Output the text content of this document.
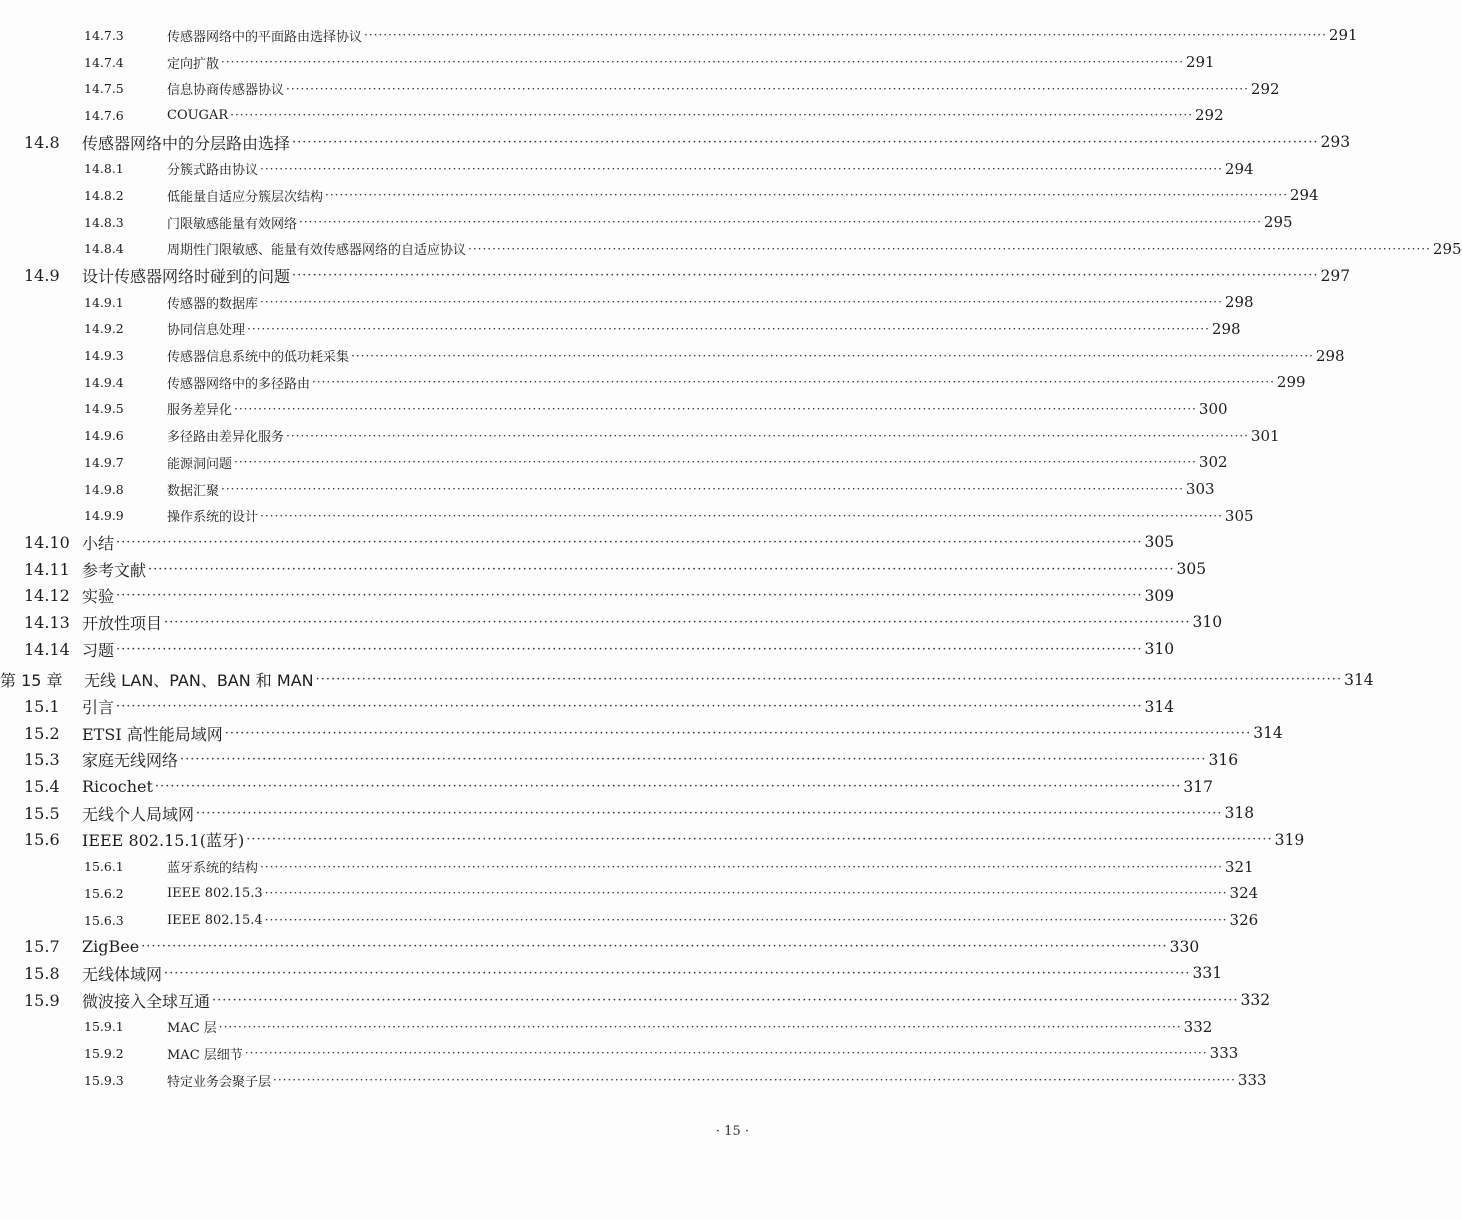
14.7.3	传感器网络中的平面路由选择协议 ········································································································································································································ 291
14.7.4	定向扩散 ········································································································································································································ 291
14.7.5	信息协商传感器协议 ········································································································································································································ 292
14.7.6	COUGAR ········································································································································································································ 292
14.8	传感器网络中的分层路由选择 ········································································································································································································ 293
14.8.1	分簇式路由协议 ········································································································································································································ 294
14.8.2	低能量自适应分簇层次结构 ········································································································································································································ 294
14.8.3	门限敏感能量有效网络 ········································································································································································································ 295
14.8.4	周期性门限敏感、能量有效传感器网络的自适应协议 ········································································································································································································ 295
14.9	设计传感器网络时碰到的问题 ········································································································································································································ 297
14.9.1	传感器的数据库 ········································································································································································································ 298
14.9.2	协同信息处理 ········································································································································································································ 298
14.9.3	传感器信息系统中的低功耗采集 ········································································································································································································ 298
14.9.4	传感器网络中的多径路由 ········································································································································································································ 299
14.9.5	服务差异化 ········································································································································································································ 300
14.9.6	多径路由差异化服务 ········································································································································································································ 301
14.9.7	能源洞问题 ········································································································································································································ 302
14.9.8	数据汇聚 ········································································································································································································ 303
14.9.9	操作系统的设计 ········································································································································································································ 305
14.10 小结 ········································································································································································································ 305
14.11 参考文献 ········································································································································································································ 305
14.12 实验 ········································································································································································································ 309
14.13 开放性项目 ········································································································································································································ 310
14.14 习题 ········································································································································································································ 310
第 15 章	无线 LAN、PAN、BAN 和 MAN ········································································································································································································ 314
15.1	引言 ········································································································································································································ 314
15.2	ETSI 高性能局域网 ········································································································································································································ 314
15.3	家庭无线网络 ········································································································································································································ 316
15.4	Ricochet ········································································································································································································ 317
15.5	无线个人局域网 ········································································································································································································ 318
15.6	IEEE 802.15.1(蓝牙) ········································································································································································································ 319
15.6.1	蓝牙系统的结构 ········································································································································································································ 321
15.6.2	IEEE 802.15.3 ········································································································································································································ 324
15.6.3	IEEE 802.15.4 ········································································································································································································ 326
15.7	ZigBee ········································································································································································································ 330
15.8	无线体域网 ········································································································································································································ 331
15.9	微波接入全球互通 ········································································································································································································ 332
15.9.1	MAC 层 ········································································································································································································ 332
15.9.2	MAC 层细节 ········································································································································································································ 333
15.9.3	特定业务会聚子层 ········································································································································································································ 333
· 15 ·
